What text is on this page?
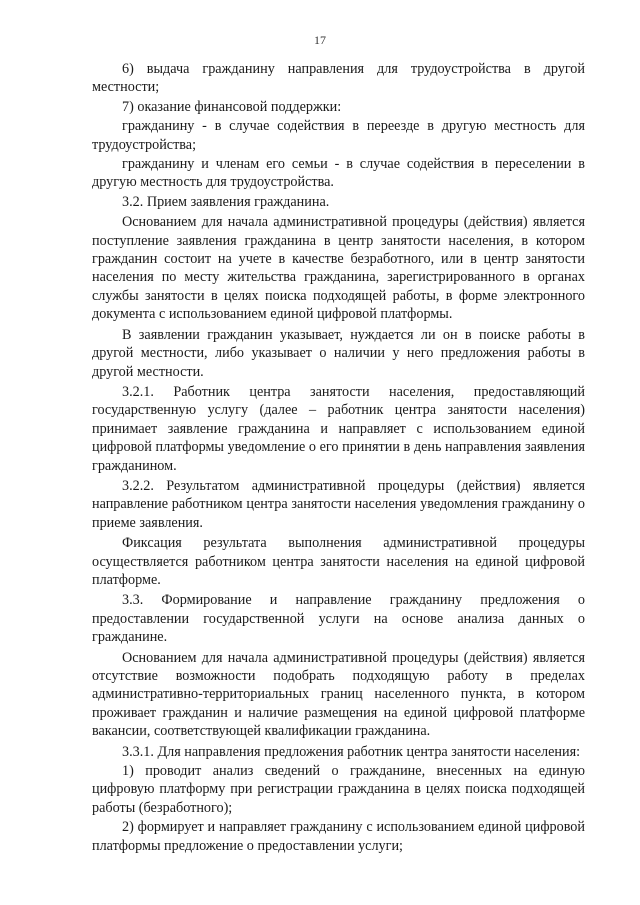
17

6) выдача гражданину направления для трудоустройства в другой местности;

7) оказание финансовой поддержки:

гражданину - в случае содействия в переезде в другую местность для трудоустройства;

гражданину и членам его семьи - в случае содействия в переселении в другую местность для трудоустройства.

3.2. Прием заявления гражданина.

Основанием для начала административной процедуры (действия) является поступление заявления гражданина в центр занятости населения, в котором гражданин состоит на учете в качестве безработного, или в центр занятости населения по месту жительства гражданина, зарегистрированного в органах службы занятости в целях поиска подходящей работы, в форме электронного документа с использованием единой цифровой платформы.

В заявлении гражданин указывает, нуждается ли он в поиске работы в другой местности, либо указывает о наличии у него предложения работы в другой местности.

3.2.1. Работник центра занятости населения, предоставляющий государственную услугу (далее – работник центра занятости населения) принимает заявление гражданина и направляет с использованием единой цифровой платформы уведомление о его принятии в день направления заявления гражданином.

3.2.2. Результатом административной процедуры (действия) является направление работником центра занятости населения уведомления гражданину о приеме заявления.

Фиксация результата выполнения административной процедуры осуществляется работником центра занятости населения на единой цифровой платформе.

3.3. Формирование и направление гражданину предложения о предоставлении государственной услуги на основе анализа данных о гражданине.

Основанием для начала административной процедуры (действия) является отсутствие возможности подобрать подходящую работу в пределах административно-территориальных границ населенного пункта, в котором проживает гражданин и наличие размещения на единой цифровой платформе вакансии, соответствующей квалификации гражданина.

3.3.1. Для направления предложения работник центра занятости населения:

1) проводит анализ сведений о гражданине, внесенных на единую цифровую платформу при регистрации гражданина в целях поиска подходящей работы (безработного);

2) формирует и направляет гражданину с использованием единой цифровой платформы предложение о предоставлении услуги;
